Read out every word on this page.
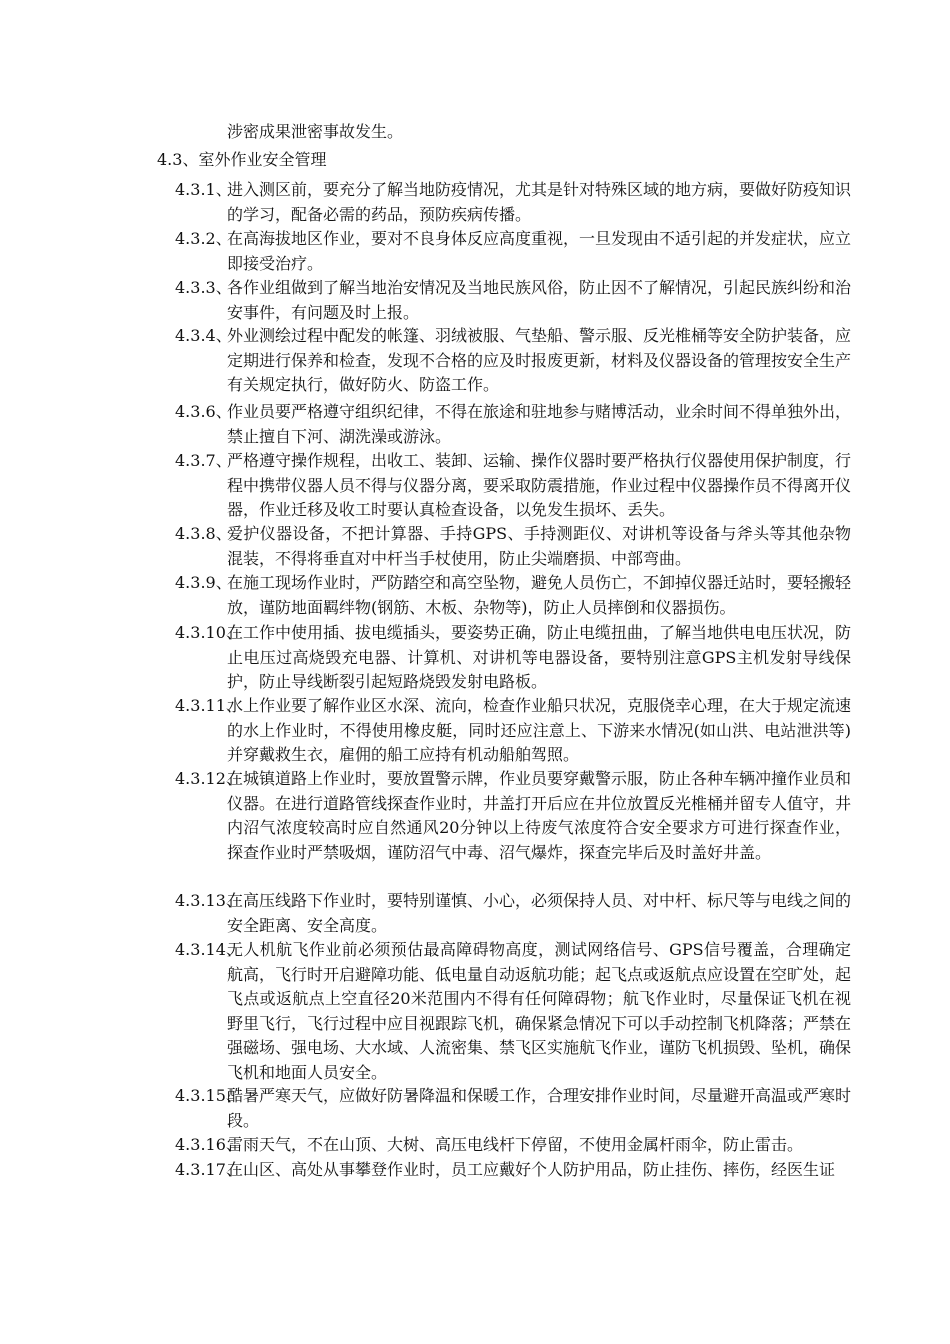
涉密成果泄密事故发生。
4.3、室外作业安全管理
4.3.1、
进入测区前，要充分了解当地防疫情况，尤其是针对特殊区域的地方病，要做好防疫知识的学习，配备必需的药品，预防疾病传播。
4.3.2、
在高海拔地区作业，要对不良身体反应高度重视，一旦发现由不适引起的并发症状，应立即接受治疗。
4.3.3、
各作业组做到了解当地治安情况及当地民族风俗，防止因不了解情况，引起民族纠纷和治安事件，有问题及时上报。
4.3.4、
外业测绘过程中配发的帐篷、羽绒被服、气垫船、警示服、反光椎桶等安全防护装备，应定期进行保养和检查，发现不合格的应及时报废更新，材料及仪器设备的管理按安全生产有关规定执行，做好防火、防盗工作。
4.3.6、
作业员要严格遵守组织纪律，不得在旅途和驻地参与赌博活动，业余时间不得单独外出，禁止擅自下河、湖洗澡或游泳。
4.3.7、
严格遵守操作规程，出收工、装卸、运输、操作仪器时要严格执行仪器使用保护制度，行程中携带仪器人员不得与仪器分离，要采取防震措施，作业过程中仪器操作员不得离开仪器，作业迁移及收工时要认真检查设备，以免发生损坏、丢失。
4.3.8、
爱护仪器设备，不把计算器、手持GPS、手持测距仪、对讲机等设备与斧头等其他杂物混装，不得将垂直对中杆当手杖使用，防止尖端磨损、中部弯曲。
4.3.9、
在施工现场作业时，严防踏空和高空坠物，避免人员伤亡，不卸掉仪器迁站时，要轻搬轻放，谨防地面羁绊物(钢筋、木板、杂物等)，防止人员摔倒和仪器损伤。
4.3.10、
在工作中使用插、拔电缆插头，要姿势正确，防止电缆扭曲，了解当地供电电压状况，防止电压过高烧毁充电器、计算机、对讲机等电器设备，要特别注意GPS主机发射导线保护，防止导线断裂引起短路烧毁发射电路板。
4.3.11、
水上作业要了解作业区水深、流向，检查作业船只状况，克服侥幸心理，在大于规定流速的水上作业时，不得使用橡皮艇，同时还应注意上、下游来水情况(如山洪、电站泄洪等)并穿戴救生衣，雇佣的船工应持有机动船舶驾照。
4.3.12、
在城镇道路上作业时，要放置警示牌，作业员要穿戴警示服，防止各种车辆冲撞作业员和仪器。在进行道路管线探查作业时，井盖打开后应在井位放置反光椎桶并留专人值守，井内沼气浓度较高时应自然通风20分钟以上待废气浓度符合安全要求方可进行探查作业，探查作业时严禁吸烟，谨防沼气中毒、沼气爆炸，探查完毕后及时盖好井盖。
4.3.13、
在高压线路下作业时，要特别谨慎、小心，必须保持人员、对中杆、标尺等与电线之间的安全距离、安全高度。
4.3.14、
无人机航飞作业前必须预估最高障碍物高度，测试网络信号、GPS信号覆盖，合理确定航高，飞行时开启避障功能、低电量自动返航功能；起飞点或返航点应设置在空旷处，起飞点或返航点上空直径20米范围内不得有任何障碍物；航飞作业时，尽量保证飞机在视野里飞行，飞行过程中应目视跟踪飞机，确保紧急情况下可以手动控制飞机降落；严禁在强磁场、强电场、大水域、人流密集、禁飞区实施航飞作业，谨防飞机损毁、坠机，确保飞机和地面人员安全。
4.3.15、
酷暑严寒天气，应做好防暑降温和保暖工作，合理安排作业时间，尽量避开高温或严寒时段。
4.3.16、
雷雨天气，不在山顶、大树、高压电线杆下停留，不使用金属杆雨伞，防止雷击。
4.3.17、
在山区、高处从事攀登作业时，员工应戴好个人防护用品，防止挂伤、摔伤，经医生证
